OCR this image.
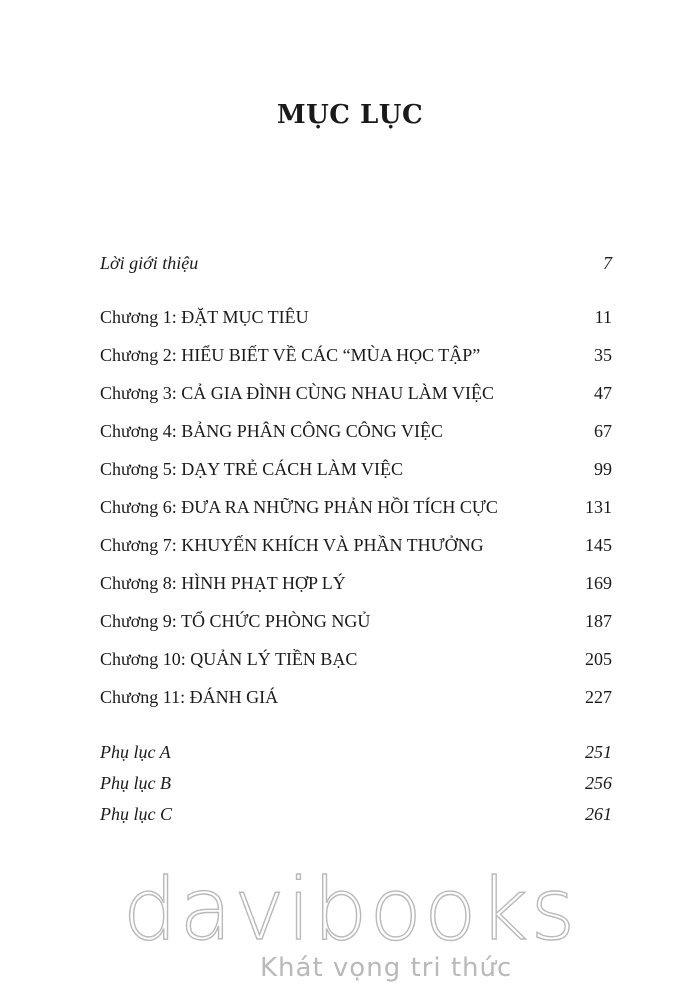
MỤC LỤC
Lời giới thiệu	7
Chương 1: ĐẶT MỤC TIÊU	11
Chương 2: HIỂU BIẾT VỀ CÁC “MÙA HỌC TẬP”	35
Chương 3: CẢ GIA ĐÌNH CÙNG NHAU LÀM VIỆC	47
Chương 4: BẢNG PHÂN CÔNG CÔNG VIỆC	67
Chương 5: DẠY TRẺ CÁCH LÀM VIỆC	99
Chương 6: ĐƯA RA NHỮNG PHẢN HỒI TÍCH CỰC	131
Chương 7: KHUYẾN KHÍCH VÀ PHẦN THƯỞNG	145
Chương 8: HÌNH PHẠT HỢP LÝ	169
Chương 9: TỔ CHỨC PHÒNG NGỦ	187
Chương 10: QUẢN LÝ TIỀN BẠC	205
Chương 11: ĐÁNH GIÁ	227
Phụ lục A	251
Phụ lục B	256
Phụ lục C	261
davibooks
Khát vọng tri thức
